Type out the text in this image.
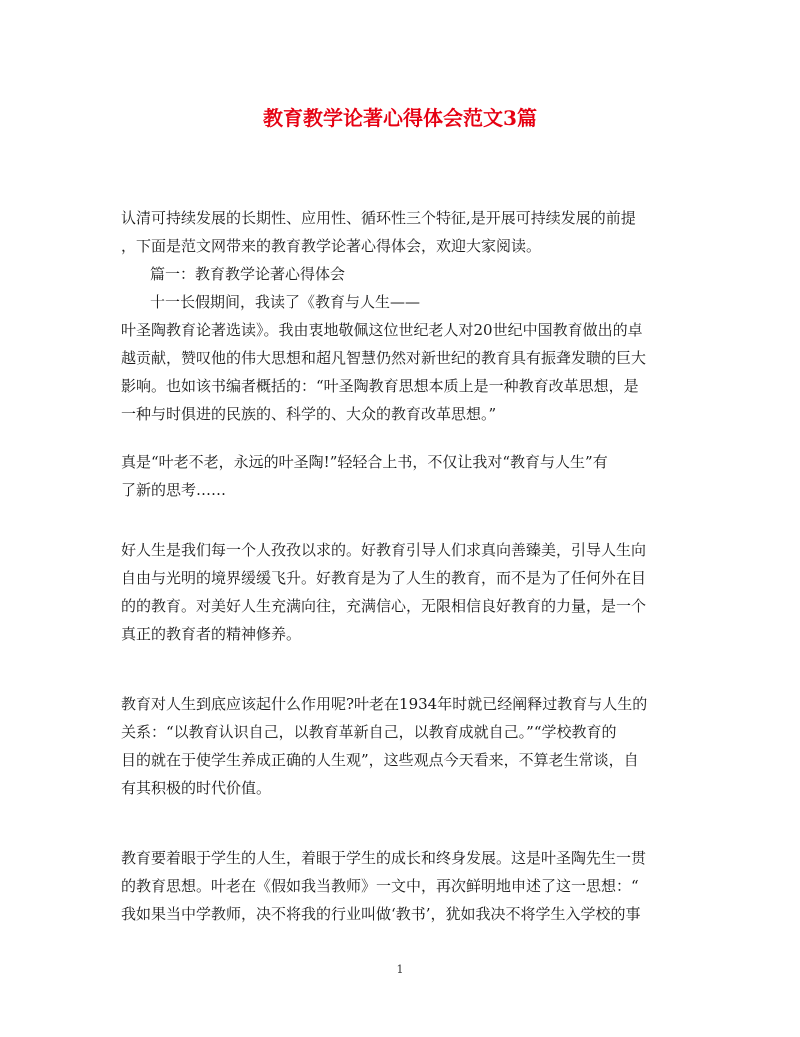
教育教学论著心得体会范文3篇
认清可持续发展的长期性、应用性、循环性三个特征,是开展可持续发展的前提
，下面是范文网带来的教育教学论著心得体会，欢迎大家阅读。
篇一：教育教学论著心得体会
十一长假期间，我读了《教育与人生——
叶圣陶教育论著选读》。我由衷地敬佩这位世纪老人对20世纪中国教育做出的卓
越贡献，赞叹他的伟大思想和超凡智慧仍然对新世纪的教育具有振聋发聩的巨大
影响。也如该书编者概括的：“叶圣陶教育思想本质上是一种教育改革思想，是
一种与时俱进的民族的、科学的、大众的教育改革思想。”
真是“叶老不老，永远的叶圣陶!”轻轻合上书，不仅让我对“教育与人生”有
了新的思考……
好人生是我们每一个人孜孜以求的。好教育引导人们求真向善臻美，引导人生向
自由与光明的境界缓缓飞升。好教育是为了人生的教育，而不是为了任何外在目
的的教育。对美好人生充满向往，充满信心，无限相信良好教育的力量，是一个
真正的教育者的精神修养。
教育对人生到底应该起什么作用呢?叶老在1934年时就已经阐释过教育与人生的
关系：“以教育认识自己，以教育革新自己，以教育成就自己。”“学校教育的
目的就在于使学生养成正确的人生观”，这些观点今天看来，不算老生常谈，自
有其积极的时代价值。
教育要着眼于学生的人生，着眼于学生的成长和终身发展。这是叶圣陶先生一贯
的教育思想。叶老在《假如我当教师》一文中，再次鲜明地申述了这一思想：“
我如果当中学教师，决不将我的行业叫做‘教书’，犹如我决不将学生入学校的事
1
